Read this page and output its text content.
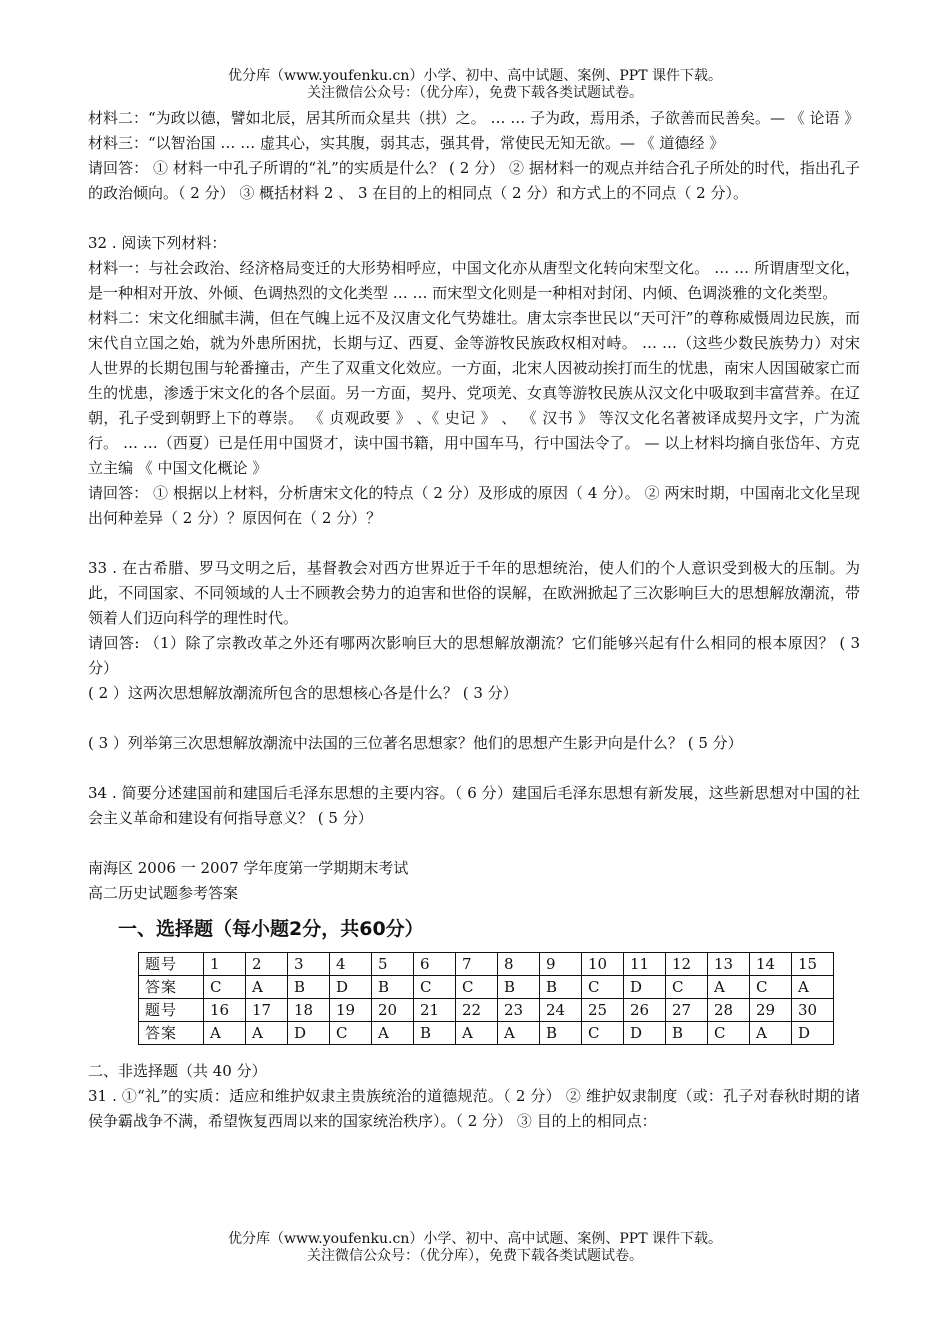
优分库（www.youfenku.cn）小学、初中、高中试题、案例、PPT 课件下载。
关注微信公众号：（优分库），免费下载各类试题试卷。

材料二：“为政以德，譬如北辰，居其所而众星共（拱）之。 … … 子为政，焉用杀，子欲善而民善矣。— 《 论语 》

材料三：“以智治国 … … 虚其心，实其腹，弱其志，强其骨，常使民无知无欲。— 《 道德经 》

请回答： ① 材料一中孔子所谓的“礼”的实质是什么？ ( 2 分） ② 据材料一的观点并结合孔子所处的时代，指出孔子的政治倾向。（ 2 分） ③ 概括材料 2 、 3 在目的上的相同点（ 2 分）和方式上的不同点（ 2 分）。

32 . 阅读下列材料：

材料一：与社会政治、经济格局变迁的大形势相呼应，中国文化亦从唐型文化转向宋型文化。 … … 所谓唐型文化，是一种相对开放、外倾、色调热烈的文化类型 … … 而宋型文化则是一种相对封闭、内倾、色调淡雅的文化类型。

材料二：宋文化细腻丰满，但在气魄上远不及汉唐文化气势雄壮。唐太宗李世民以“天可汗”的尊称威慑周边民族，而宋代自立国之始，就为外患所困扰，长期与辽、西夏、金等游牧民族政权相对峙。 … …（这些少数民族势力）对宋人世界的长期包围与轮番撞击，产生了双重文化效应。一方面，北宋人因被动挨打而生的忧患，南宋人因国破家亡而生的忧患，渗透于宋文化的各个层面。另一方面，契丹、党项羌、女真等游牧民族从汉文化中吸取到丰富营养。在辽朝，孔子受到朝野上下的尊崇。 《 贞观政要 》 、《 史记 》 、 《 汉书 》 等汉文化名著被译成契丹文字，广为流行。 … …（西夏）已是任用中国贤才，读中国书籍，用中国车马，行中国法令了。 — 以上材料均摘自张岱年、方克立主编 《 中国文化概论 》

请回答： ① 根据以上材料，分析唐宋文化的特点（ 2 分）及形成的原因（ 4 分）。 ② 两宋时期，中国南北文化呈现出何种差异（ 2 分）？原因何在（ 2 分）？

33 . 在古希腊、罗马文明之后，基督教会对西方世界近于千年的思想统治，使人们的个人意识受到极大的压制。为此，不同国家、不同领域的人士不顾教会势力的迫害和世俗的误解，在欧洲掀起了三次影响巨大的思想解放潮流，带领着人们迈向科学的理性时代。

请回答: （1）除了宗教改革之外还有哪两次影响巨大的思想解放潮流？它们能够兴起有什么相同的根本原因？ ( 3 分）

( 2 ）这两次思想解放潮流所包含的思想核心各是什么？ ( 3 分）

( 3 ）列举第三次思想解放潮流中法国的三位著名思想家？他们的思想产生影尹向是什么？ ( 5 分）

34 . 简要分述建国前和建国后毛泽东思想的主要内容。（ 6 分）建国后毛泽东思想有新发展，这些新思想对中国的社会主义革命和建设有何指导意义？ ( 5 分）

南海区 2006 一 2007 学年度第一学期期末考试

高二历史试题参考答案

一、选择题（每小题2分，共60分）
题号	1	2	3	4	5	6	7	8	9	10	11	12	13	14	15
答案	C	A	B	D	B	C	C	B	B	C	D	C	A	C	A
题号	16	17	18	19	20	21	22	23	24	25	26	27	28	29	30
答案	A	A	D	C	A	B	A	A	B	C	D	B	C	A	D

二、非选择题（共 40 分）

31 . ①“礼”的实质：适应和维护奴隶主贵族统治的道德规范。（ 2 分） ② 维护奴隶制度（或：孔子对春秋时期的诸侯争霸战争不满，希望恢复西周以来的国家统治秩序）。（ 2 分） ③ 目的上的相同点：

优分库（www.youfenku.cn）小学、初中、高中试题、案例、PPT 课件下载。
关注微信公众号：（优分库），免费下载各类试题试卷。
